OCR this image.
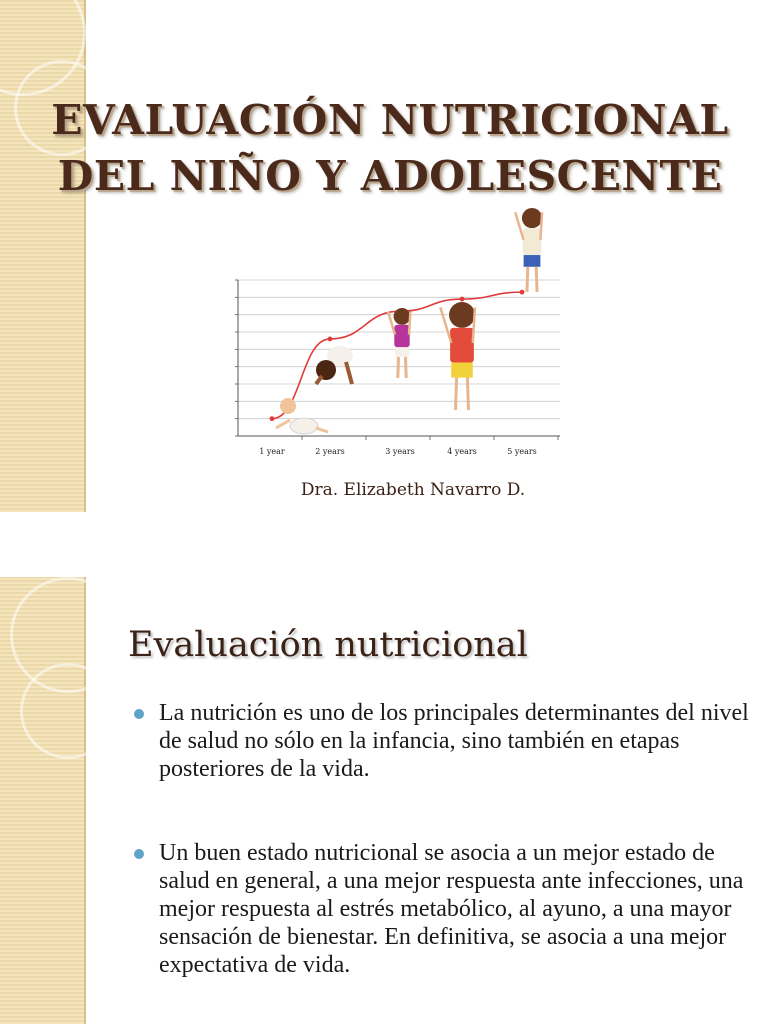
EVALUACIÓN NUTRICIONAL
DEL NIÑO Y ADOLESCENTE
1 year	2 years	3 years	4 years	5 years
Dra. Elizabeth Navarro D.
Evaluación nutricional
La nutrición es uno de los principales determinantes del nivel de salud no sólo en la infancia, sino también en etapas posteriores de la vida.
Un buen estado nutricional se asocia a un mejor estado de salud en general, a una mejor respuesta ante infecciones, una mejor respuesta al estrés metabólico, al ayuno, a una mayor sensación de bienestar. En definitiva, se asocia a una mejor expectativa de vida.
